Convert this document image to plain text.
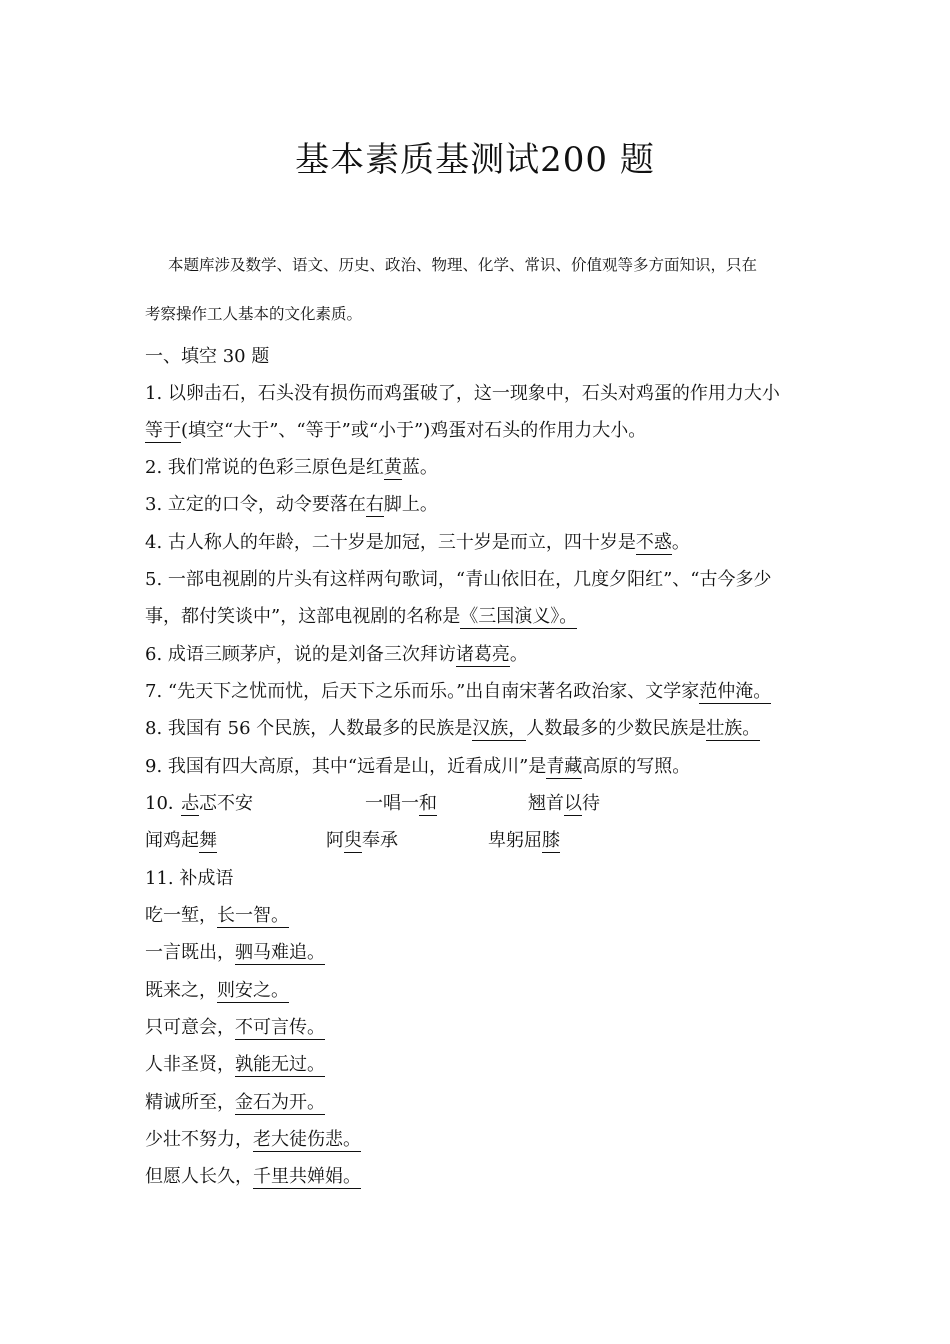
基本素质基测试200 题
本题库涉及数学、语文、历史、政治、物理、化学、常识、价值观等多方面知识，只在
考察操作工人基本的文化素质。
一、填空 30 题
1. 以卵击石，石头没有损伤而鸡蛋破了，这一现象中，石头对鸡蛋的作用力大小
等于(填空“大于”、“等于”或“小于”)鸡蛋对石头的作用力大小。
2. 我们常说的色彩三原色是红黄蓝。
3. 立定的口令，动令要落在右脚上。
4. 古人称人的年龄，二十岁是加冠，三十岁是而立，四十岁是不惑。
5. 一部电视剧的片头有这样两句歌词，“青山依旧在，几度夕阳红”、“古今多少
事，都付笑谈中”，这部电视剧的名称是《三国演义》。
6. 成语三顾茅庐，说的是刘备三次拜访诸葛亮。
7. “先天下之忧而忧，后天下之乐而乐。”出自南宋著名政治家、文学家范仲淹。
8. 我国有 56 个民族，人数最多的民族是汉族，人数最多的少数民族是壮族。
9. 我国有四大高原，其中“远看是山，近看成川”是青藏高原的写照。
10．
忐忑不安	一唱一和	翘首以待
闻鸡起舞	阿臾奉承	卑躬屈膝
11. 补成语
吃一堑，长一智。
一言既出，驷马难追。
既来之，则安之。
只可意会，不可言传。
人非圣贤，孰能无过。
精诚所至，金石为开。
少壮不努力，老大徒伤悲。
但愿人长久，千里共婵娟。
